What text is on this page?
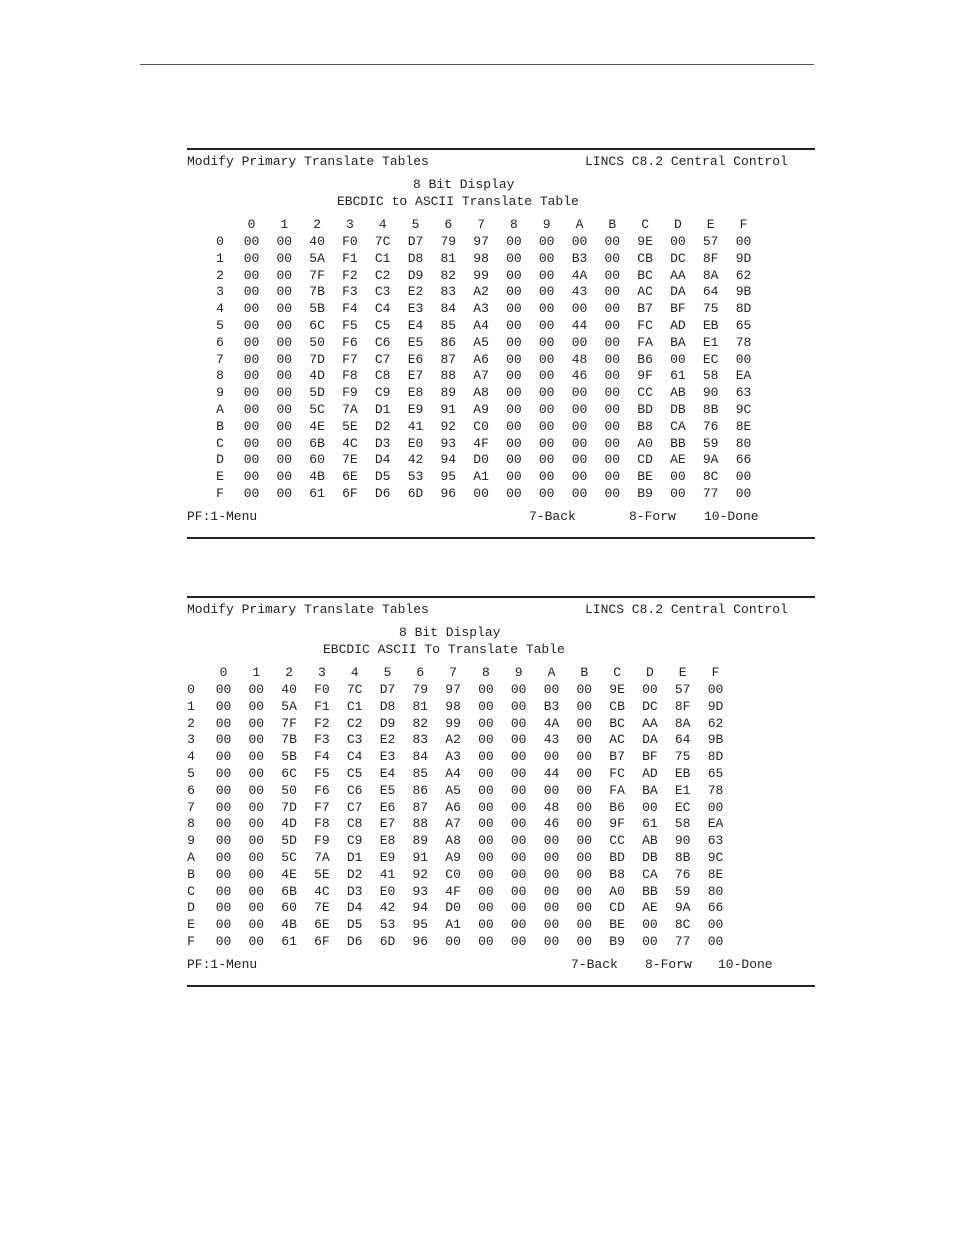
Modify Primary Translate Tables	LINCS C8.2 Central Control
8 Bit Display
EBCDIC to ASCII Translate Table
0	1	2	3	4	5	6	7	8	9	A	B	C	D	E	F
0	00	00	40	F0	7C	D7	79	97	00	00	00	00	9E	00	57	00
1	00	00	5A	F1	C1	D8	81	98	00	00	B3	00	CB	DC	8F	9D
2	00	00	7F	F2	C2	D9	82	99	00	00	4A	00	BC	AA	8A	62
3	00	00	7B	F3	C3	E2	83	A2	00	00	43	00	AC	DA	64	9B
4	00	00	5B	F4	C4	E3	84	A3	00	00	00	00	B7	BF	75	8D
5	00	00	6C	F5	C5	E4	85	A4	00	00	44	00	FC	AD	EB	65
6	00	00	50	F6	C6	E5	86	A5	00	00	00	00	FA	BA	E1	78
7	00	00	7D	F7	C7	E6	87	A6	00	00	48	00	B6	00	EC	00
8	00	00	4D	F8	C8	E7	88	A7	00	00	46	00	9F	61	58	EA
9	00	00	5D	F9	C9	E8	89	A8	00	00	00	00	CC	AB	90	63
A	00	00	5C	7A	D1	E9	91	A9	00	00	00	00	BD	DB	8B	9C
B	00	00	4E	5E	D2	41	92	C0	00	00	00	00	B8	CA	76	8E
C	00	00	6B	4C	D3	E0	93	4F	00	00	00	00	A0	BB	59	80
D	00	00	60	7E	D4	42	94	D0	00	00	00	00	CD	AE	9A	66
E	00	00	4B	6E	D5	53	95	A1	00	00	00	00	BE	00	8C	00
F	00	00	61	6F	D6	6D	96	00	00	00	00	00	B9	00	77	00
PF:1-Menu	7-Back	8-Forw 10-Done
Modify Primary Translate Tables	LINCS C8.2 Central Control
8 Bit Display
EBCDIC ASCII To Translate Table
0	1	2	3	4	5	6	7	8	9	A	B	C	D	E	F
0	00	00	40	F0	7C	D7	79	97	00	00	00	00	9E	00	57	00
1	00	00	5A	F1	C1	D8	81	98	00	00	B3	00	CB	DC	8F	9D
2	00	00	7F	F2	C2	D9	82	99	00	00	4A	00	BC	AA	8A	62
3	00	00	7B	F3	C3	E2	83	A2	00	00	43	00	AC	DA	64	9B
4	00	00	5B	F4	C4	E3	84	A3	00	00	00	00	B7	BF	75	8D
5	00	00	6C	F5	C5	E4	85	A4	00	00	44	00	FC	AD	EB	65
6	00	00	50	F6	C6	E5	86	A5	00	00	00	00	FA	BA	E1	78
7	00	00	7D	F7	C7	E6	87	A6	00	00	48	00	B6	00	EC	00
8	00	00	4D	F8	C8	E7	88	A7	00	00	46	00	9F	61	58	EA
9	00	00	5D	F9	C9	E8	89	A8	00	00	00	00	CC	AB	90	63
A	00	00	5C	7A	D1	E9	91	A9	00	00	00	00	BD	DB	8B	9C
B	00	00	4E	5E	D2	41	92	C0	00	00	00	00	B8	CA	76	8E
C	00	00	6B	4C	D3	E0	93	4F	00	00	00	00	A0	BB	59	80
D	00	00	60	7E	D4	42	94	D0	00	00	00	00	CD	AE	9A	66
E	00	00	4B	6E	D5	53	95	A1	00	00	00	00	BE	00	8C	00
F	00	00	61	6F	D6	6D	96	00	00	00	00	00	B9	00	77	00
PF:1-Menu	7-Back 8-Forw 10-Done
